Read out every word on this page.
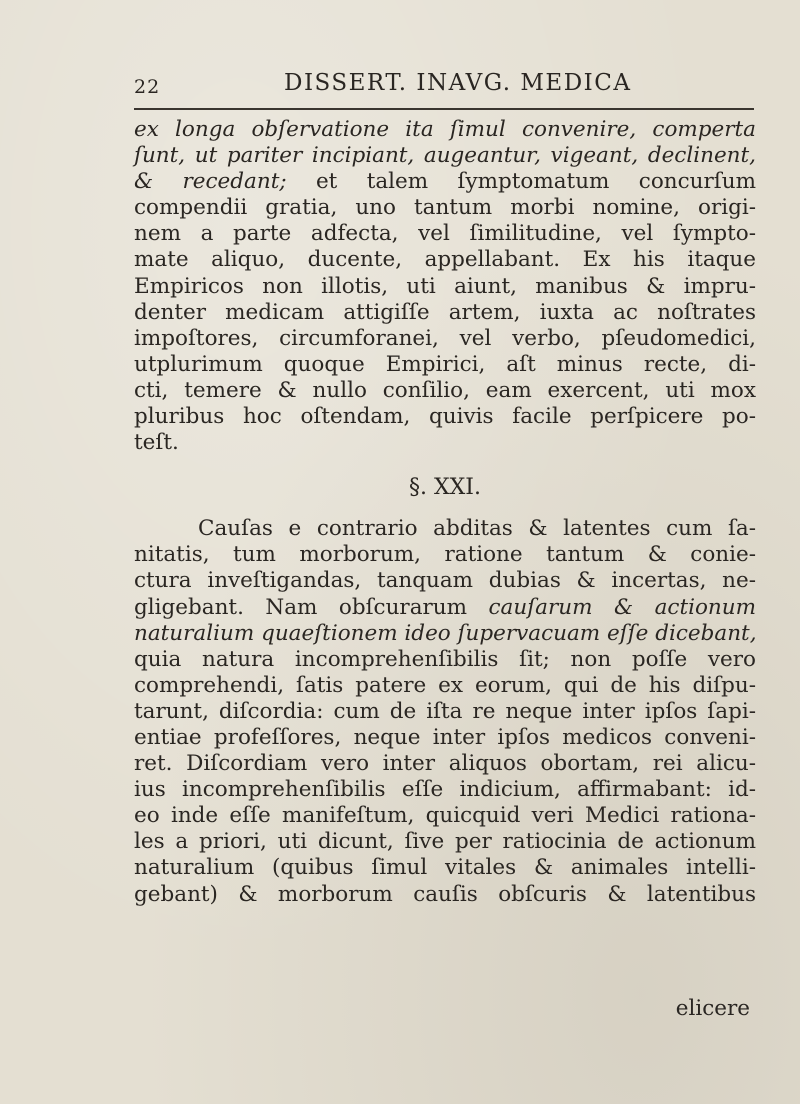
22	DISSERT. INAVG. MEDICA
ex longa obſervatione ita ſimul convenire, comperta
ſunt, ut pariter incipiant, augeantur, vigeant, declinent,
& recedant; et talem ſymptomatum concurſum
compendii gratia, uno tantum morbi nomine, origi-
nem a parte adfecta, vel ſimilitudine, vel ſympto-
mate aliquo, ducente, appellabant. Ex his itaque
Empiricos non illotis, uti aiunt, manibus & impru-
denter medicam attigiſſe artem, iuxta ac noſtrates
impoſtores, circumforanei, vel verbo, pſeudomedici,
utplurimum quoque Empirici, aſt minus recte, di-
cti, temere & nullo conſilio, eam exercent, uti mox
pluribus hoc oſtendam, quivis facile perſpicere po-
teſt.
§. XXI.
Cauſas e contrario abditas & latentes cum ſa-
nitatis, tum morborum, ratione tantum & conie-
ctura inveſtigandas, tanquam dubias & incertas, ne-
gligebant. Nam obſcurarum cauſarum & actionum
naturalium quaeſtionem ideo ſupervacuam eſſe dicebant,
quia natura incomprehenſibilis ſit; non poſſe vero
comprehendi, ſatis patere ex eorum, qui de his diſpu-
tarunt, diſcordia: cum de iſta re neque inter ipſos ſapi-
entiae profeſſores, neque inter ipſos medicos conveni-
ret. Diſcordiam vero inter aliquos obortam, rei alicu-
ius incomprehenſibilis eſſe indicium, affirmabant: id-
eo inde eſſe manifeſtum, quicquid veri Medici rationa-
les a priori, uti dicunt, ſive per ratiocinia de actionum
naturalium (quibus ſimul vitales & animales intelli-
gebant) & morborum cauſis obſcuris & latentibus
elicere
